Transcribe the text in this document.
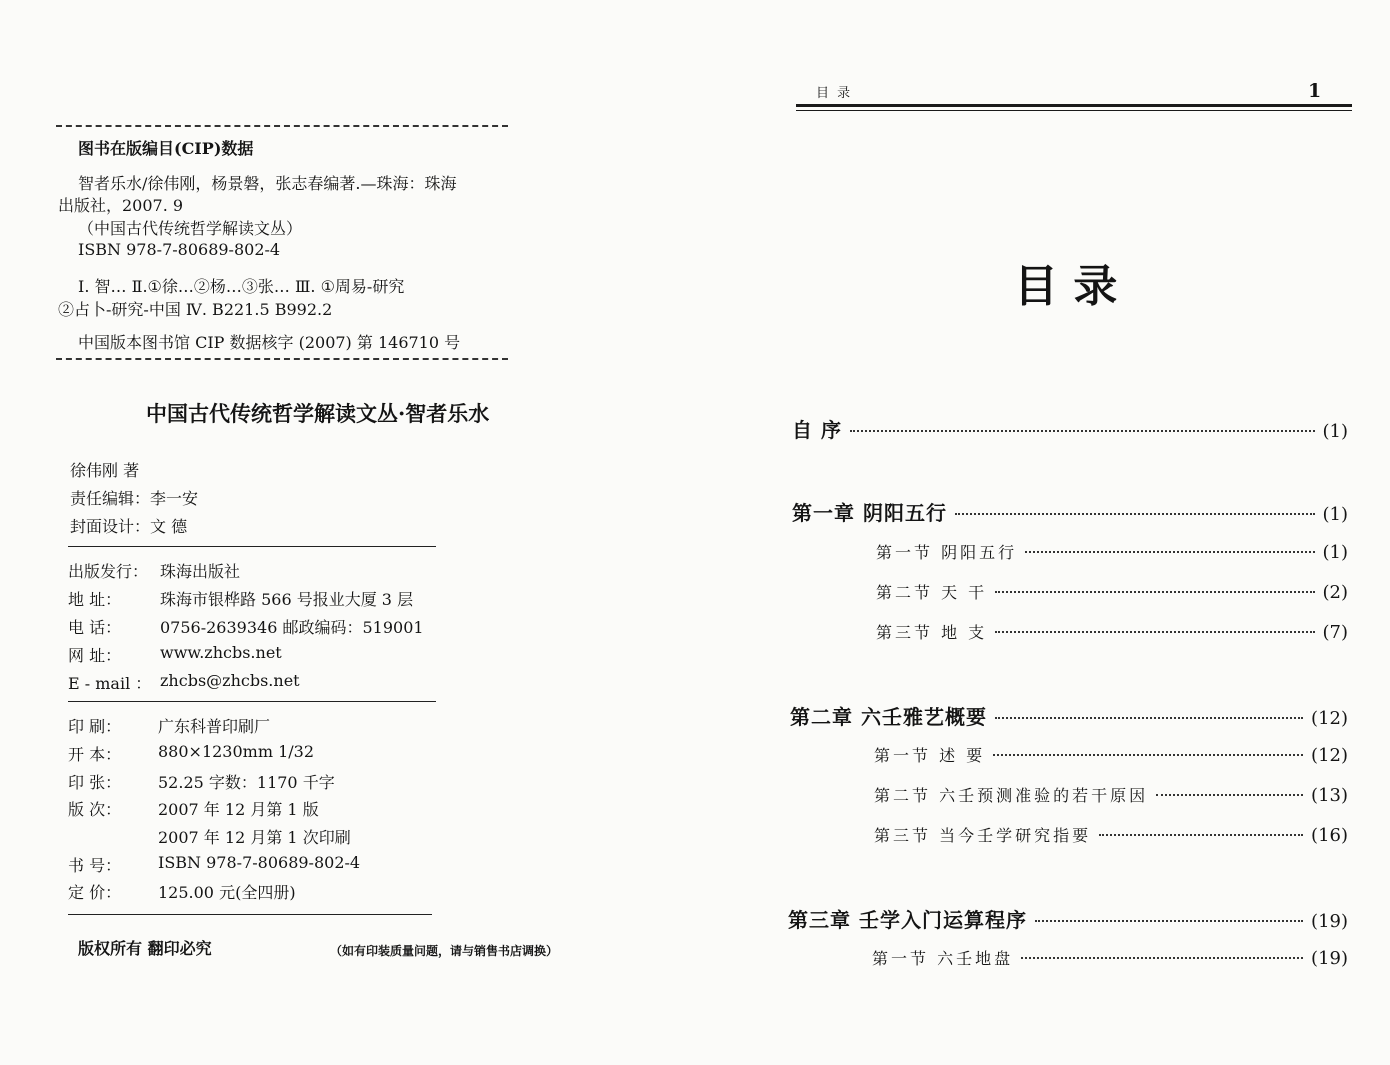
图书在版编目(CIP)数据
智者乐水/徐伟刚，杨景磐，张志春编著.—珠海：珠海
出版社，2007. 9
（中国古代传统哲学解读文丛）
ISBN 978-7-80689-802-4
Ⅰ. 智… Ⅱ.①徐…②杨…③张… Ⅲ. ①周易-研究
②占卜-研究-中国 Ⅳ. B221.5 B992.2
中国版本图书馆 CIP 数据核字 (2007) 第 146710 号
中国古代传统哲学解读文丛·智者乐水
徐伟刚 著
责任编辑：李一安
封面设计：文 德
出版发行： 珠海出版社
地 址：	珠海市银桦路 566 号报业大厦 3 层
电 话：	0756-2639346 邮政编码：519001
网 址：	www.zhcbs.net
E - mail ： zhcbs@zhcbs.net
印 刷：	广东科普印刷厂
开 本：	880×1230mm 1/32
印 张：	52.25 字数：1170 千字
版 次：	2007 年 12 月第 1 版
2007 年 12 月第 1 次印刷
书 号：	ISBN 978-7-80689-802-4
定 价：	125.00 元(全四册)
版权所有 翻印必究	（如有印装质量问题，请与销售书店调换）
目 录	1
目 录
自 序	(1)
第一章 阴阳五行	(1)
第一节 阴阳五行	(1)
第二节 天 干	(2)
第三节 地 支	(7)
第二章 六壬雅艺概要	(12)
第一节 述 要	(12)
第二节 六壬预测准验的若干原因	(13)
第三节 当今壬学研究指要	(16)
第三章 壬学入门运算程序	(19)
第一节 六壬地盘	(19)
